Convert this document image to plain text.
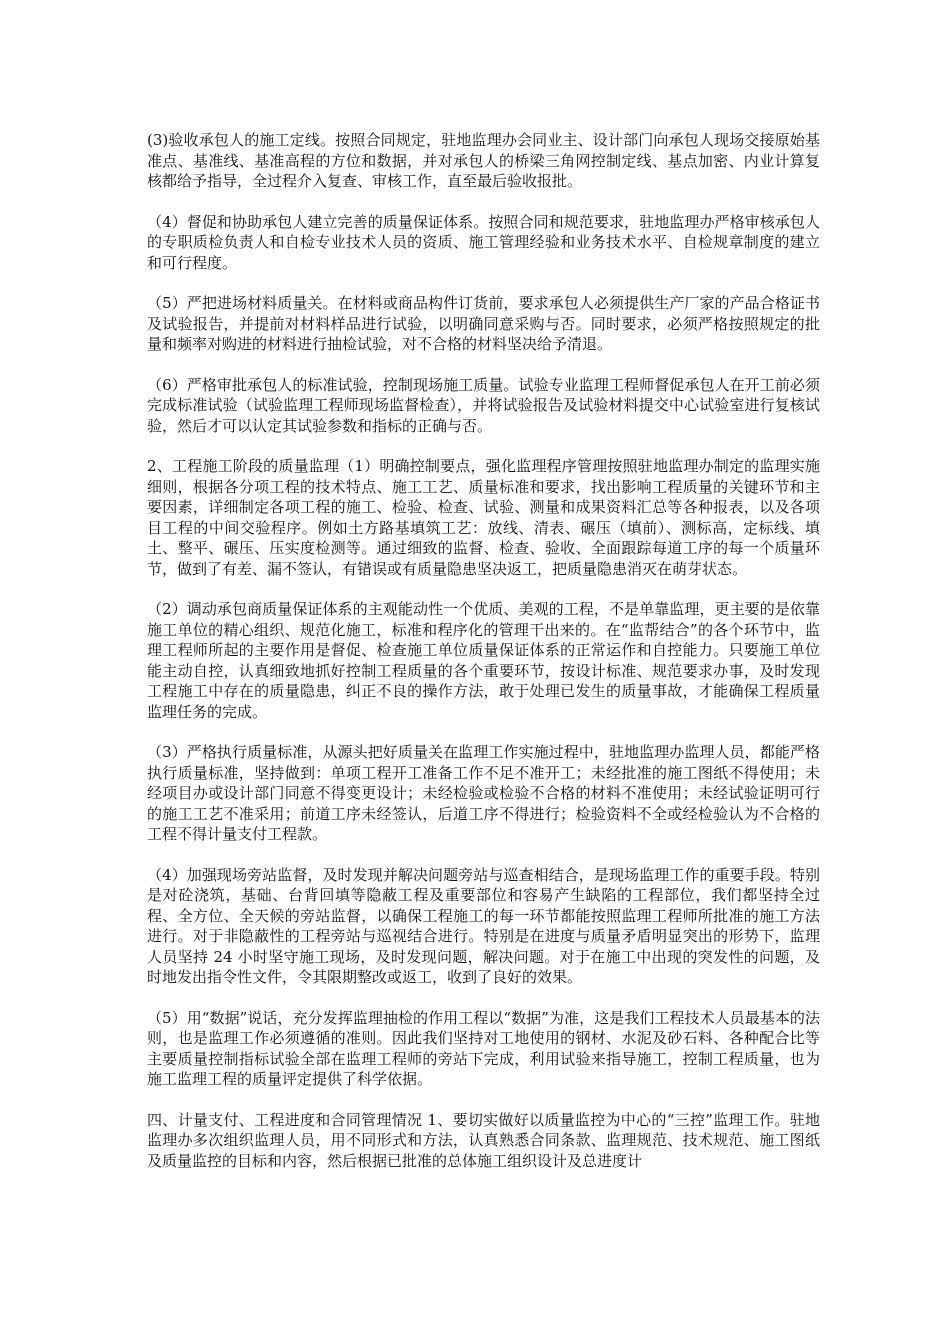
(3)验收承包人的施工定线。按照合同规定，驻地监理办会同业主、设计部门向承包人现场交接原始基准点、基准线、基准高程的方位和数据，并对承包人的桥梁三角网控制定线、基点加密、内业计算复核都给予指导，全过程介入复查、审核工作，直至最后验收报批。

（4）督促和协助承包人建立完善的质量保证体系。按照合同和规范要求，驻地监理办严格审核承包人的专职质检负责人和自检专业技术人员的资质、施工管理经验和业务技术水平、自检规章制度的建立和可行程度。

（5）严把进场材料质量关。在材料或商品构件订货前，要求承包人必须提供生产厂家的产品合格证书及试验报告，并提前对材料样品进行试验，以明确同意采购与否。同时要求，必须严格按照规定的批量和频率对购进的材料进行抽检试验，对不合格的材料坚决给予清退。

（6）严格审批承包人的标准试验，控制现场施工质量。试验专业监理工程师督促承包人在开工前必须完成标准试验（试验监理工程师现场监督检查），并将试验报告及试验材料提交中心试验室进行复核试验，然后才可以认定其试验参数和指标的正确与否。

2、工程施工阶段的质量监理（1）明确控制要点，强化监理程序管理按照驻地监理办制定的监理实施细则，根据各分项工程的技术特点、施工工艺、质量标准和要求，找出影响工程质量的关键环节和主要因素，详细制定各项工程的施工、检验、检查、试验、测量和成果资料汇总等各种报表，以及各项目工程的中间交验程序。例如土方路基填筑工艺：放线、清表、碾压（填前）、测标高，定标线、填土、整平、碾压、压实度检测等。通过细致的监督、检查、验收、全面跟踪每道工序的每一个质量环节，做到了有差、漏不签认，有错误或有质量隐患坚决返工，把质量隐患消灭在萌芽状态。

（2）调动承包商质量保证体系的主观能动性一个优质、美观的工程，不是单靠监理，更主要的是依靠施工单位的精心组织、规范化施工，标准和程序化的管理干出来的。在“监帮结合”的各个环节中，监理工程师所起的主要作用是督促、检查施工单位质量保证体系的正常运作和自控能力。只要施工单位能主动自控，认真细致地抓好控制工程质量的各个重要环节，按设计标准、规范要求办事，及时发现工程施工中存在的质量隐患，纠正不良的操作方法，敢于处理已发生的质量事故，才能确保工程质量监理任务的完成。

（3）严格执行质量标准，从源头把好质量关在监理工作实施过程中，驻地监理办监理人员，都能严格执行质量标准，坚持做到：单项工程开工准备工作不足不准开工；未经批准的施工图纸不得使用；未经项目办或设计部门同意不得变更设计；未经检验或检验不合格的材料不准使用；未经试验证明可行的施工工艺不准采用；前道工序未经签认，后道工序不得进行；检验资料不全或经检验认为不合格的工程不得计量支付工程款。

（4）加强现场旁站监督，及时发现并解决问题旁站与巡查相结合，是现场监理工作的重要手段。特别是对砼浇筑，基础、台背回填等隐蔽工程及重要部位和容易产生缺陷的工程部位，我们都坚持全过程、全方位、全天候的旁站监督，以确保工程施工的每一环节都能按照监理工程师所批准的施工方法进行。对于非隐蔽性的工程旁站与巡视结合进行。特别是在进度与质量矛盾明显突出的形势下，监理人员坚持 24 小时坚守施工现场，及时发现问题，解决问题。对于在施工中出现的突发性的问题，及时地发出指令性文件，令其限期整改或返工，收到了良好的效果。

（5）用“数据”说话，充分发挥监理抽检的作用工程以“数据”为准，这是我们工程技术人员最基本的法则，也是监理工作必须遵循的准则。因此我们坚持对工地使用的钢材、水泥及砂石料、各种配合比等主要质量控制指标试验全部在监理工程师的旁站下完成，利用试验来指导施工，控制工程质量，也为施工监理工程的质量评定提供了科学依据。

四、计量支付、工程进度和合同管理情况 1、要切实做好以质量监控为中心的“三控”监理工作。驻地监理办多次组织监理人员，用不同形式和方法，认真熟悉合同条款、监理规范、技术规范、施工图纸及质量监控的目标和内容，然后根据已批准的总体施工组织设计及总进度计
